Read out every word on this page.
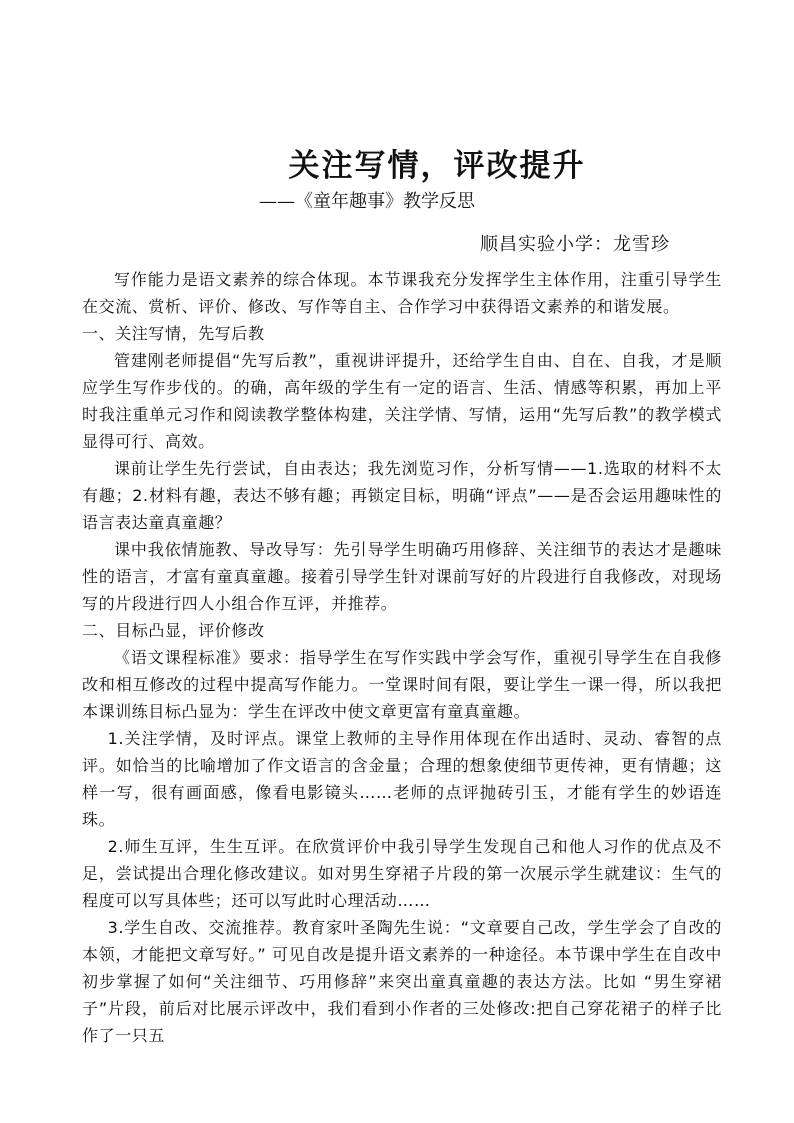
关注写情，评改提升
——《童年趣事》教学反思
顺昌实验小学：龙雪珍

写作能力是语文素养的综合体现。本节课我充分发挥学生主体作用，注重引导学生在交流、赏析、评价、修改、写作等自主、合作学习中获得语文素养的和谐发展。

一、关注写情，先写后教

管建刚老师提倡“先写后教”，重视讲评提升，还给学生自由、自在、自我，才是顺应学生写作步伐的。的确，高年级的学生有一定的语言、生活、情感等积累，再加上平时我注重单元习作和阅读教学整体构建，关注学情、写情，运用“先写后教”的教学模式显得可行、高效。

课前让学生先行尝试，自由表达；我先浏览习作，分析写情——1.选取的材料不太有趣；2.材料有趣，表达不够有趣；再锁定目标，明确“评点”——是否会运用趣味性的语言表达童真童趣？

课中我依情施教、导改导写：先引导学生明确巧用修辞、关注细节的表达才是趣味性的语言，才富有童真童趣。接着引导学生针对课前写好的片段进行自我修改，对现场写的片段进行四人小组合作互评，并推荐。

二、目标凸显，评价修改

《语文课程标准》要求：指导学生在写作实践中学会写作，重视引导学生在自我修改和相互修改的过程中提高写作能力。一堂课时间有限，要让学生一课一得，所以我把本课训练目标凸显为：学生在评改中使文章更富有童真童趣。

1.关注学情，及时评点。课堂上教师的主导作用体现在作出适时、灵动、睿智的点评。如恰当的比喻增加了作文语言的含金量；合理的想象使细节更传神，更有情趣；这样一写，很有画面感，像看电影镜头……老师的点评抛砖引玉，才能有学生的妙语连珠。

2.师生互评，生生互评。在欣赏评价中我引导学生发现自己和他人习作的优点及不足，尝试提出合理化修改建议。如对男生穿裙子片段的第一次展示学生就建议：生气的程度可以写具体些；还可以写此时心理活动……

3.学生自改、交流推荐。教育家叶圣陶先生说：“文章要自己改，学生学会了自改的本领，才能把文章写好。” 可见自改是提升语文素养的一种途径。本节课中学生在自改中初步掌握了如何“关注细节、巧用修辞”来突出童真童趣的表达方法。比如 “男生穿裙子”片段，前后对比展示评改中，我们看到小作者的三处修改:把自己穿花裙子的样子比作了一只五
